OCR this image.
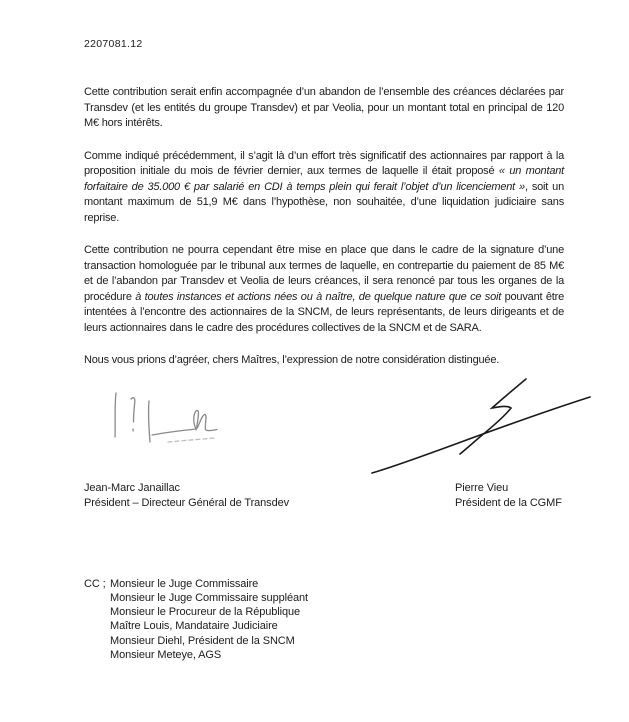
2207081.12

Cette contribution serait enfin accompagnée d’un abandon de l’ensemble des créances déclarées par Transdev (et les entités du groupe Transdev) et par Veolia, pour un montant total en principal de 120 M€ hors intérêts.

Comme indiqué précédemment, il s’agit là d’un effort très significatif des actionnaires par rapport à la proposition initiale du mois de février dernier, aux termes de laquelle il était proposé « un montant forfaitaire de 35.000 € par salarié en CDI à temps plein qui ferait l’objet d’un licenciement », soit un montant maximum de 51,9 M€ dans l’hypothèse, non souhaitée, d’une liquidation judiciaire sans reprise.

Cette contribution ne pourra cependant être mise en place que dans le cadre de la signature d’une transaction homologuée par le tribunal aux termes de laquelle, en contrepartie du paiement de 85 M€ et de l’abandon par Transdev et Veolia de leurs créances, il sera renoncé par tous les organes de la procédure à toutes instances et actions nées ou à naître, de quelque nature que ce soit pouvant être intentées à l’encontre des actionnaires de la SNCM, de leurs représentants, de leurs dirigeants et de leurs actionnaires dans le cadre des procédures collectives de la SNCM et de SARA.

Nous vous prions d’agréer, chers Maîtres, l’expression de notre considération distinguée.

Jean-Marc Janaillac
Président – Directeur Général de Transdev
Pierre Vieu
Président de la CGMF
CC ; Monsieur le Juge Commissaire
Monsieur le Juge Commissaire suppléant
Monsieur le Procureur de la République
Maître Louis, Mandataire Judiciaire
Monsieur Diehl, Président de la SNCM
Monsieur Meteye, AGS
